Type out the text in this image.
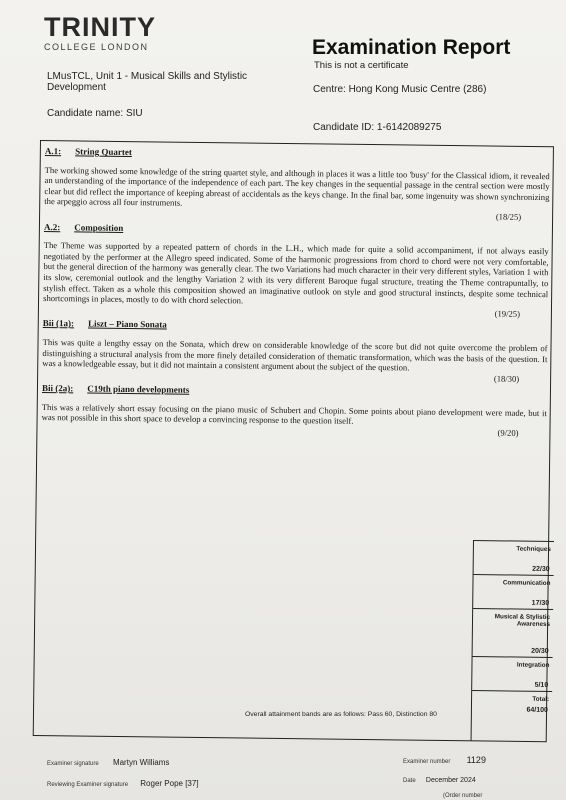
TRINITY
COLLEGE LONDON	Examination Report
This is not a certificate
LMusTCL, Unit 1 - Musical Skills and Stylistic Development	Centre: Hong Kong Music Centre (286)
Candidate name: SIU
Candidate ID: 1-6142089275

A.1: String Quartet

The working showed some knowledge of the string quartet style, and although in places it was a little too 'busy' for the Classical idiom, it revealed an understanding of the importance of the independence of each part. The key changes in the sequential passage in the central section were mostly clear but did reflect the importance of keeping abreast of accidentals as the keys change. In the final bar, some ingenuity was shown synchronizing the arpeggio across all four instruments.

(18/25)

A.2: Composition

The Theme was supported by a repeated pattern of chords in the L.H., which made for quite a solid accompaniment, if not always easily negotiated by the performer at the Allegro speed indicated. Some of the harmonic progressions from chord to chord were not very comfortable, but the general direction of the harmony was generally clear. The two Variations had much character in their very different styles, Variation 1 with its slow, ceremonial outlook and the lengthy Variation 2 with its very different Baroque fugal structure, treating the Theme contrapuntally, to stylish effect. Taken as a whole this composition showed an imaginative outlook on style and good structural instincts, despite some technical shortcomings in places, mostly to do with chord selection.

(19/25)

Bii (1a): Liszt – Piano Sonata

This was quite a lengthy essay on the Sonata, which drew on considerable knowledge of the score but did not quite overcome the problem of distinguishing a structural analysis from the more finely detailed consideration of thematic transformation, which was the basis of the question. It was a knowledgeable essay, but it did not maintain a consistent argument about the subject of the question.

(18/30)

Bii (2a): C19th piano developments

This was a relatively short essay focusing on the piano music of Schubert and Chopin. Some points about piano development were made, but it was not possible in this short space to develop a convincing response to the question itself.

(9/20)
Techniques
22/30
Communication
17/30
Musical & Stylistic Awareness
20/30
Integration
5/10
Total:
64/100
Overall attainment bands are as follows: Pass 60, Distinction 80
Examiner signature Martyn Williams	Examiner number 1129
Reviewing Examiner signature Roger Pope [37]	Date December 2024
(Order number
